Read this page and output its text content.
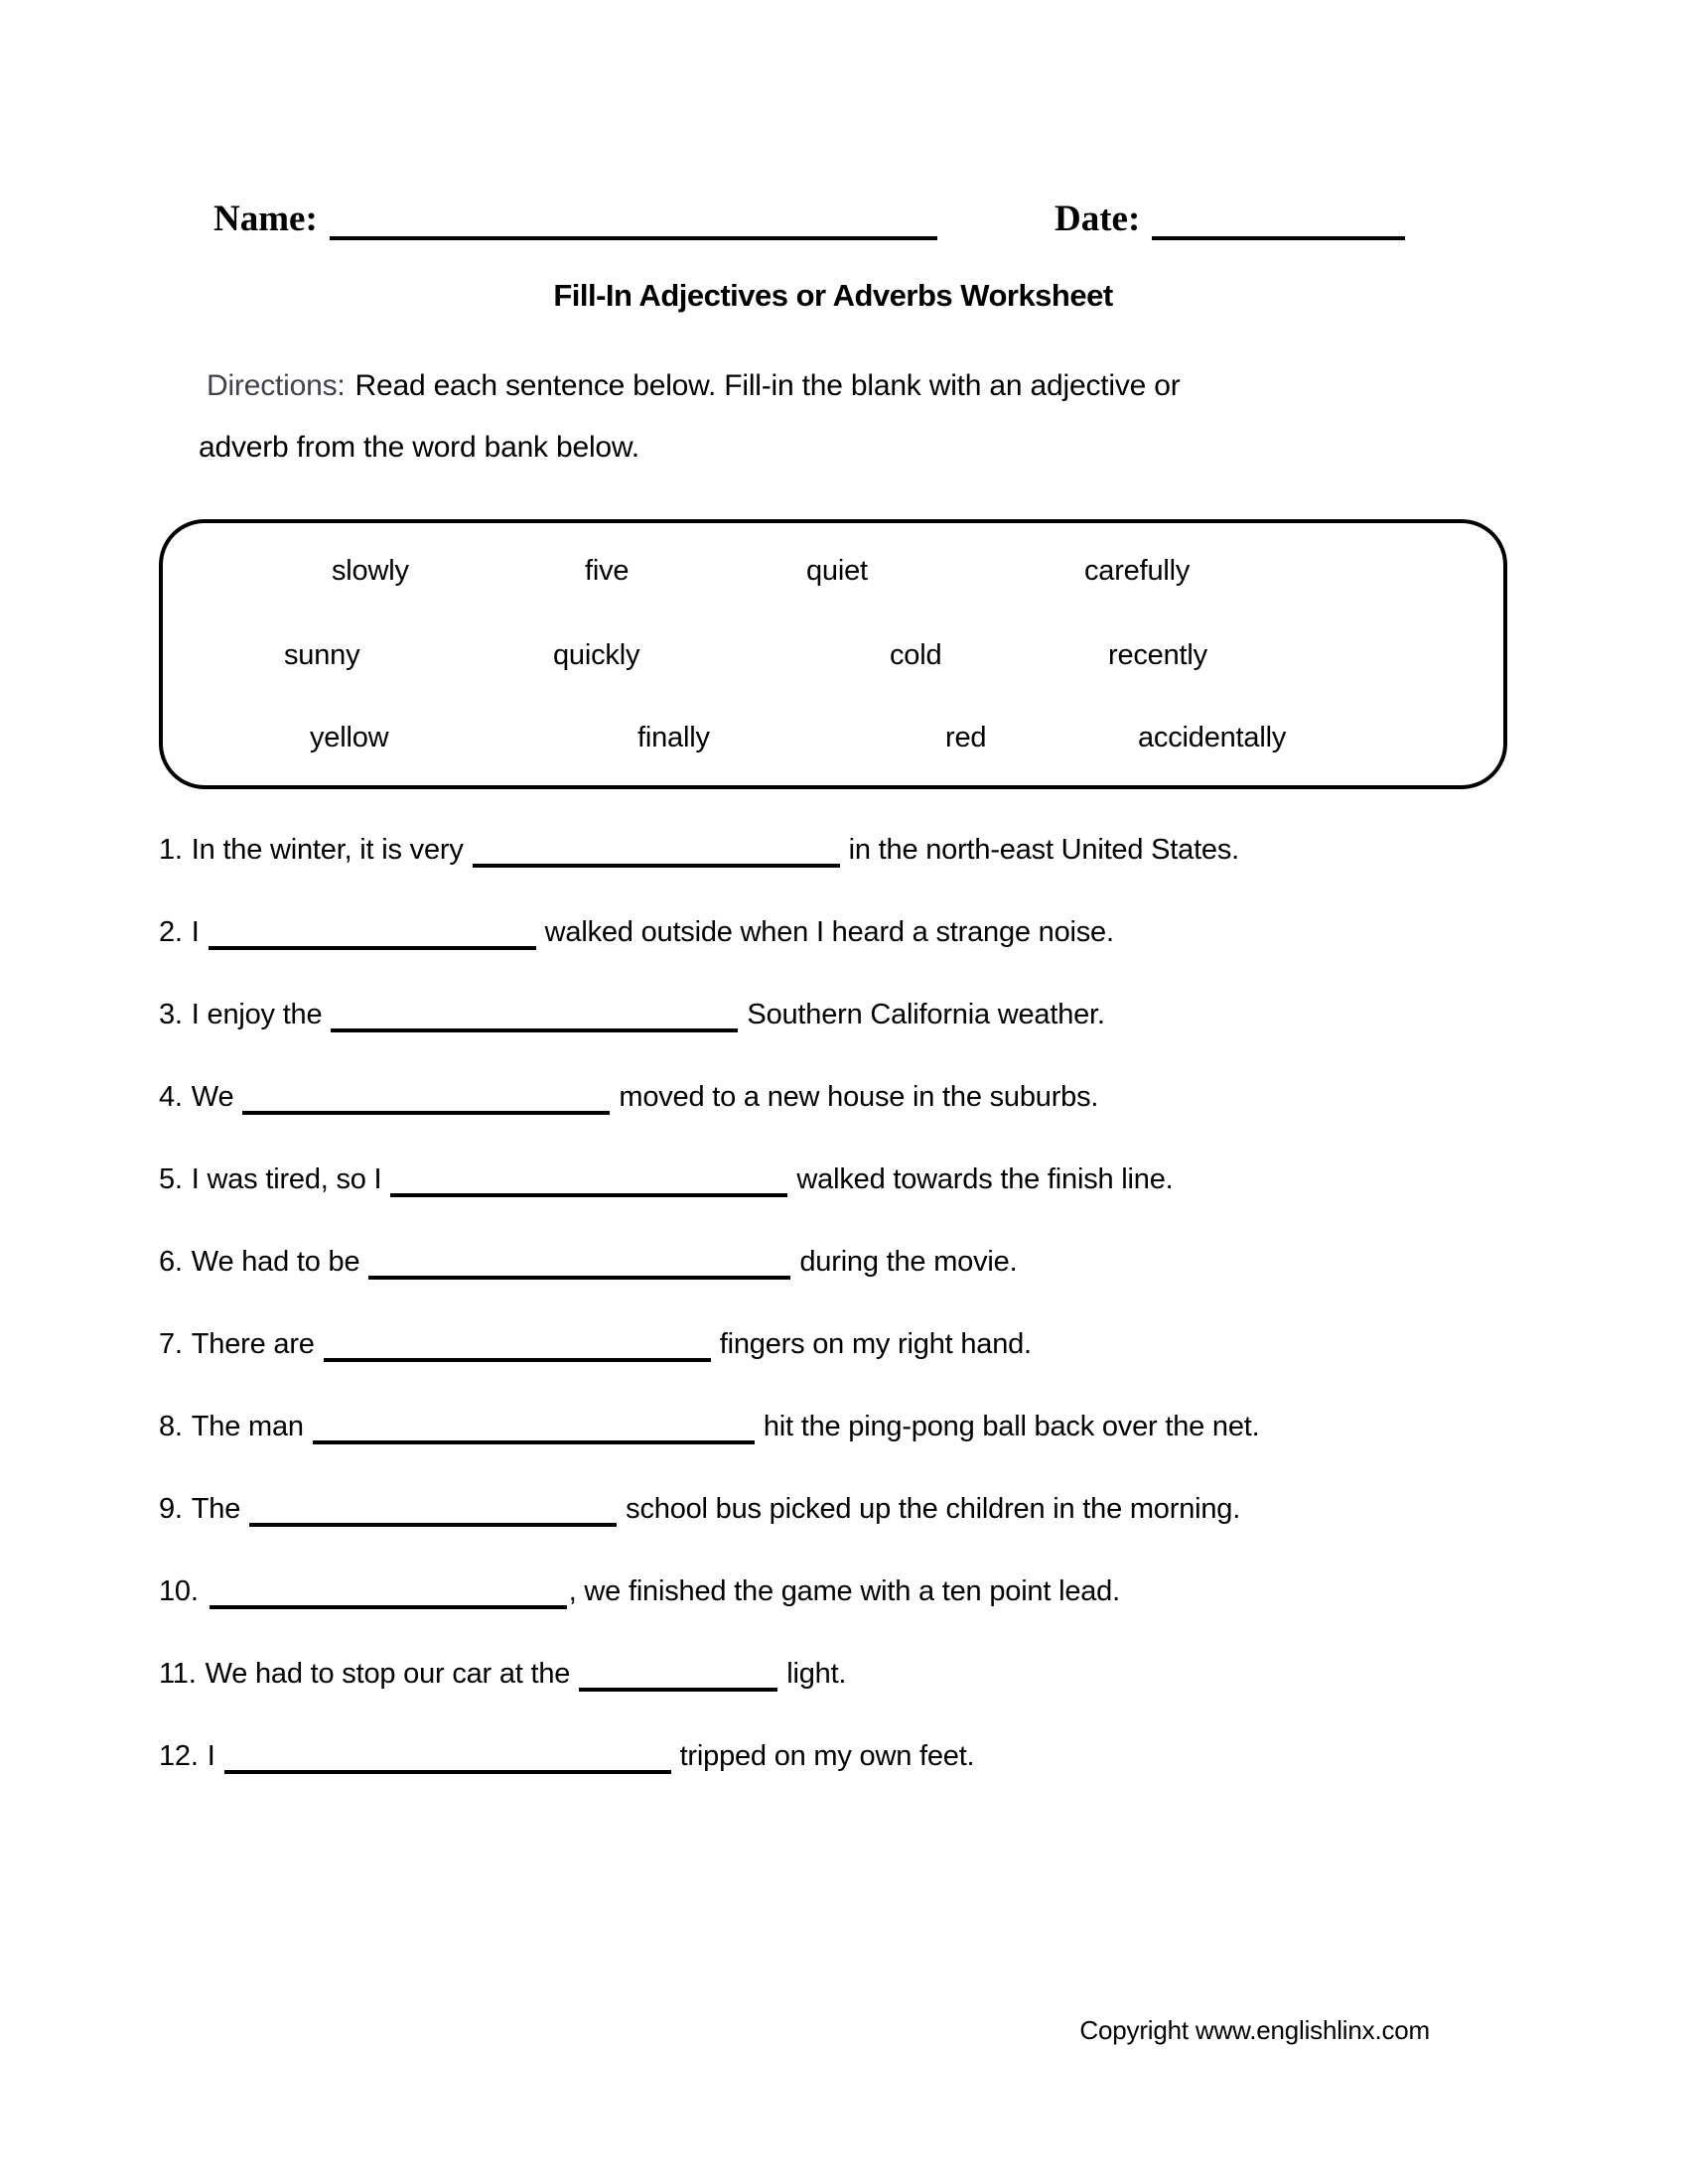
Name:	Date:
Fill-In Adjectives or Adverbs Worksheet
Directions: Read each sentence below. Fill-in the blank with an adjective or
adverb from the word bank below.
slowly	five	quiet	carefully
sunny	quickly	cold	recently
yellow	finally	red	accidentally
1. In the winter, it is very	in the north-east United States.
2. I	walked outside when I heard a strange noise.
3. I enjoy the	Southern California weather.
4. We	moved to a new house in the suburbs.
5. I was tired, so I	walked towards the finish line.
6. We had to be	during the movie.
7. There are	fingers on my right hand.
8. The man	hit the ping-pong ball back over the net.
9. The	school bus picked up the children in the morning.
10.	, we finished the game with a ten point lead.
11. We had to stop our car at the	light.
12. I	tripped on my own feet.
Copyright www.englishlinx.com
